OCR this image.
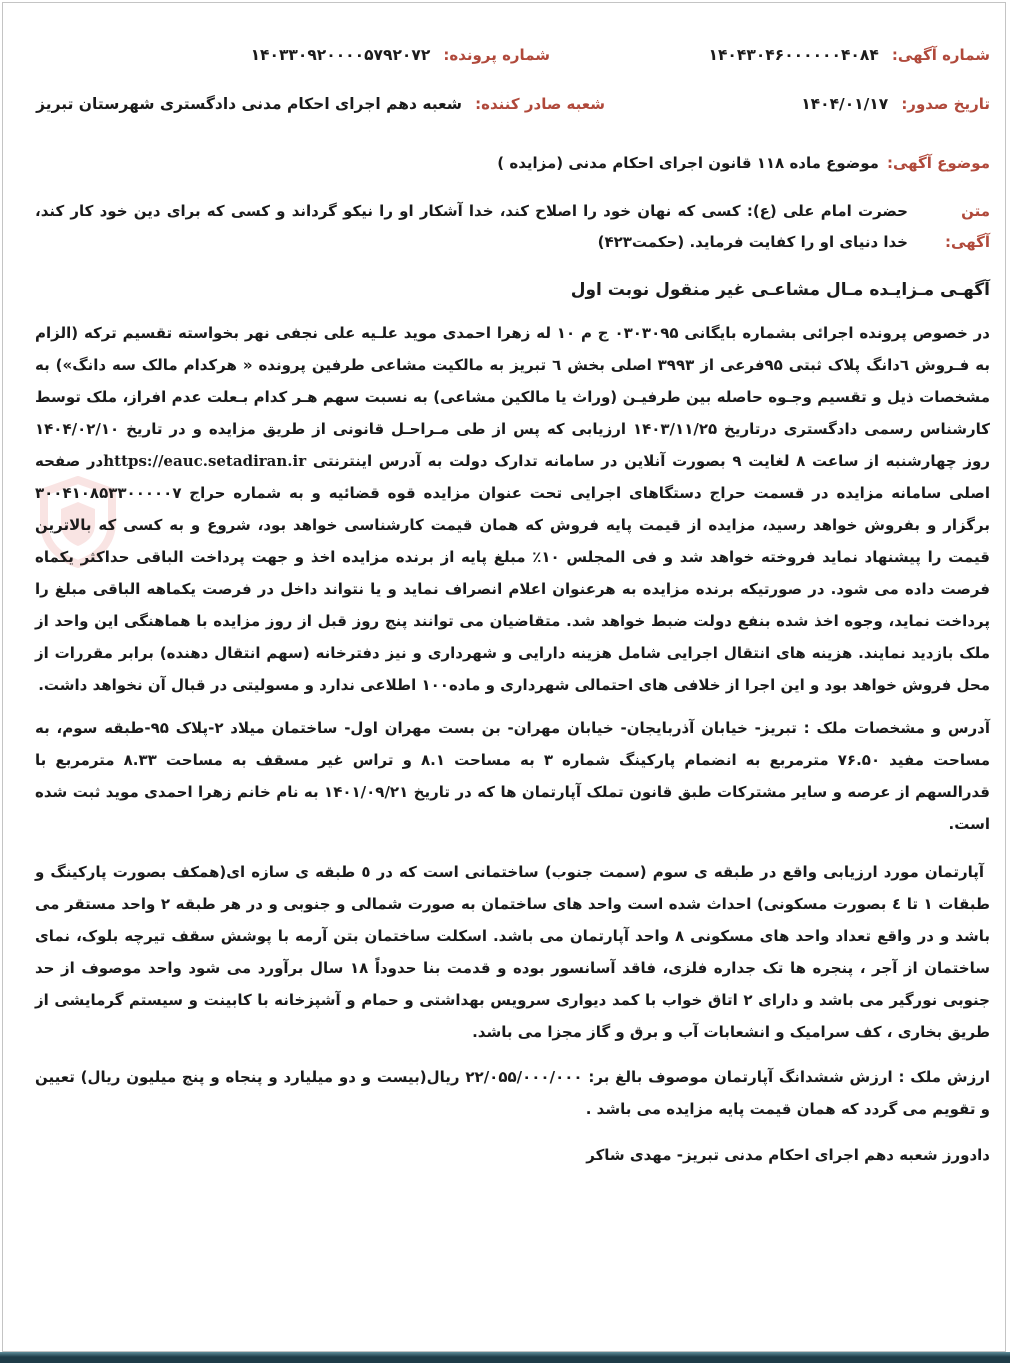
شماره آگهی: ۱۴۰۴۳۰۴۶۰۰۰۰۰۰۴۰۸۴
شماره پرونده: ۱۴۰۳۳۰۹۲۰۰۰۰۵۷۹۲۰۷۲
تاریخ صدور: ۱۴۰۴/۰۱/۱۷
شعبه صادر کننده: شعبه دهم اجرای احکام مدنی دادگستری شهرستان تبریز
موضوع آگهی:
موضوع ماده ۱۱۸ قانون اجرای احکام مدنی (مزایده )
متن آگهی:
حضرت امام علی (ع): کسی که نهان خود را اصلاح کند، خدا آشکار او را نیکو گرداند و کسی که برای دین خود کار کند، خدا دنیای او را کفایت فرماید. (حکمت۴۲۳)
آگهـی مـزایـده مـال مشاعـی غیر منقول نوبت اول

در خصوص پرونده اجرائی بشماره بایگانی ۰۳۰۳۰۹۵ ج م ۱۰ له زهرا احمدی موید علـیه علی نجفی نهر بخواسته تقسیم ترکه (الزام به فـروش ٦دانگ پلاک ثبتی ۹۵فرعی از ۳۹۹۳ اصلی بخش ٦ تبریز به مالکیت مشاعی طرفین پرونده « هرکدام مالک سه دانگ») به مشخصات ذیل و تقسیم وجـوه حاصله بین طرفیـن (وراث یا مالکین مشاعی) به نسبت سهم هـر کدام بـعلت عدم افراز، ملک توسط کارشناس رسمی دادگستری درتاریخ ۱۴۰۳/۱۱/۲۵ ارزیابی که پس از طی مـراحـل قانونی از طریق مزایده و در تاریخ ۱۴۰۴/۰۲/۱۰ روز چهارشنبه از ساعت ۸ لغایت ۹ بصورت آنلاین در سامانه تدارک دولت به آدرس اینترنتی https://eauc.setadiran.irدر صفحه اصلی سامانه مزایده در قسمت حراج دستگاهای اجرایی تحت عنوان مزایده قوه قضائیه و به شماره حراج ۳۰۰۴۱۰۸۵۳۳۰۰۰۰۰۷ برگزار و بفروش خواهد رسید، مزایده از قیمت پایه فروش که همان قیمت کارشناسی خواهد بود، شروع و به کسی که بالاترین قیمت را پیشنهاد نماید فروخته خواهد شد و فی المجلس ۱۰٪ مبلغ پایه از برنده مزایده اخذ و جهت پرداخت الباقی حداکثر یکماه فرصت داده می شود. در صورتیکه برنده مزایده به هرعنوان اعلام انصراف نماید و یا نتواند داخل در فرصت یکماهه الباقی مبلغ را پرداخت نماید، وجوه اخذ شده بنفع دولت ضبط خواهد شد. متقاضیان می توانند پنج روز قبل از روز مزایده با هماهنگی این واحد از ملک بازدید نمایند. هزینه های انتقال اجرایی شامل هزینه دارایی و شهرداری و نیز دفترخانه (سهم انتقال دهنده) برابر مقررات از محل فروش خواهد بود و این اجرا از خلافی های احتمالی شهرداری و ماده۱۰۰ اطلاعی ندارد و مسولیتی در قبال آن نخواهد داشت.

آدرس و مشخصات ملک : تبریز- خیابان آذربایجان- خیابان مهران- بن بست مهران اول- ساختمان میلاد ۲-پلاک ۹۵-طبقه سوم، به مساحت مفید ۷۶.۵۰ مترمربع به انضمام پارکینگ شماره ۳ به مساحت ۸.۱ و تراس غیر مسقف به مساحت ۸.۳۳ مترمربع با قدرالسهم از عرصه و سایر مشترکات طبق قانون تملک آپارتمان ها که در تاریخ ۱۴۰۱/۰۹/۲۱ به نام خانم زهرا احمدی موید ثبت شده است.

آپارتمان مورد ارزیابی واقع در طبقه ی سوم (سمت جنوب) ساختمانی است که در ٥ طبقه ی سازه ای(همکف بصورت پارکینگ و طبقات ۱ تا ٤ بصورت مسکونی) احداث شده است واحد های ساختمان به صورت شمالی و جنوبی و در هر طبقه ۲ واحد مستقر می باشد و در واقع تعداد واحد های مسکونی ۸ واحد آپارتمان می باشد. اسکلت ساختمان بتن آرمه با پوشش سقف تیرچه بلوک، نمای ساختمان از آجر ، پنجره ها تک جداره فلزی، فاقد آسانسور بوده و قدمت بنا حدوداً ۱۸ سال برآورد می شود واحد موصوف از حد جنوبی نورگیر می باشد و دارای ۲ اتاق خواب با کمد دیواری سرویس بهداشتی و حمام و آشپزخانه با کابینت و سیستم گرمایشی از طریق بخاری ، کف سرامیک و انشعابات آب و برق و گاز مجزا می باشد.

ارزش ملک : ارزش ششدانگ آپارتمان موصوف بالغ بر: ۲۲/۰۵۵/۰۰۰/۰۰۰ ریال(بیست و دو میلیارد و پنجاه و پنج میلیون ریال) تعیین و تقویم می گردد که همان قیمت پایه مزایده می باشد .

دادورز شعبه دهم اجرای احکام مدنی تبریز- مهدی شاکر
